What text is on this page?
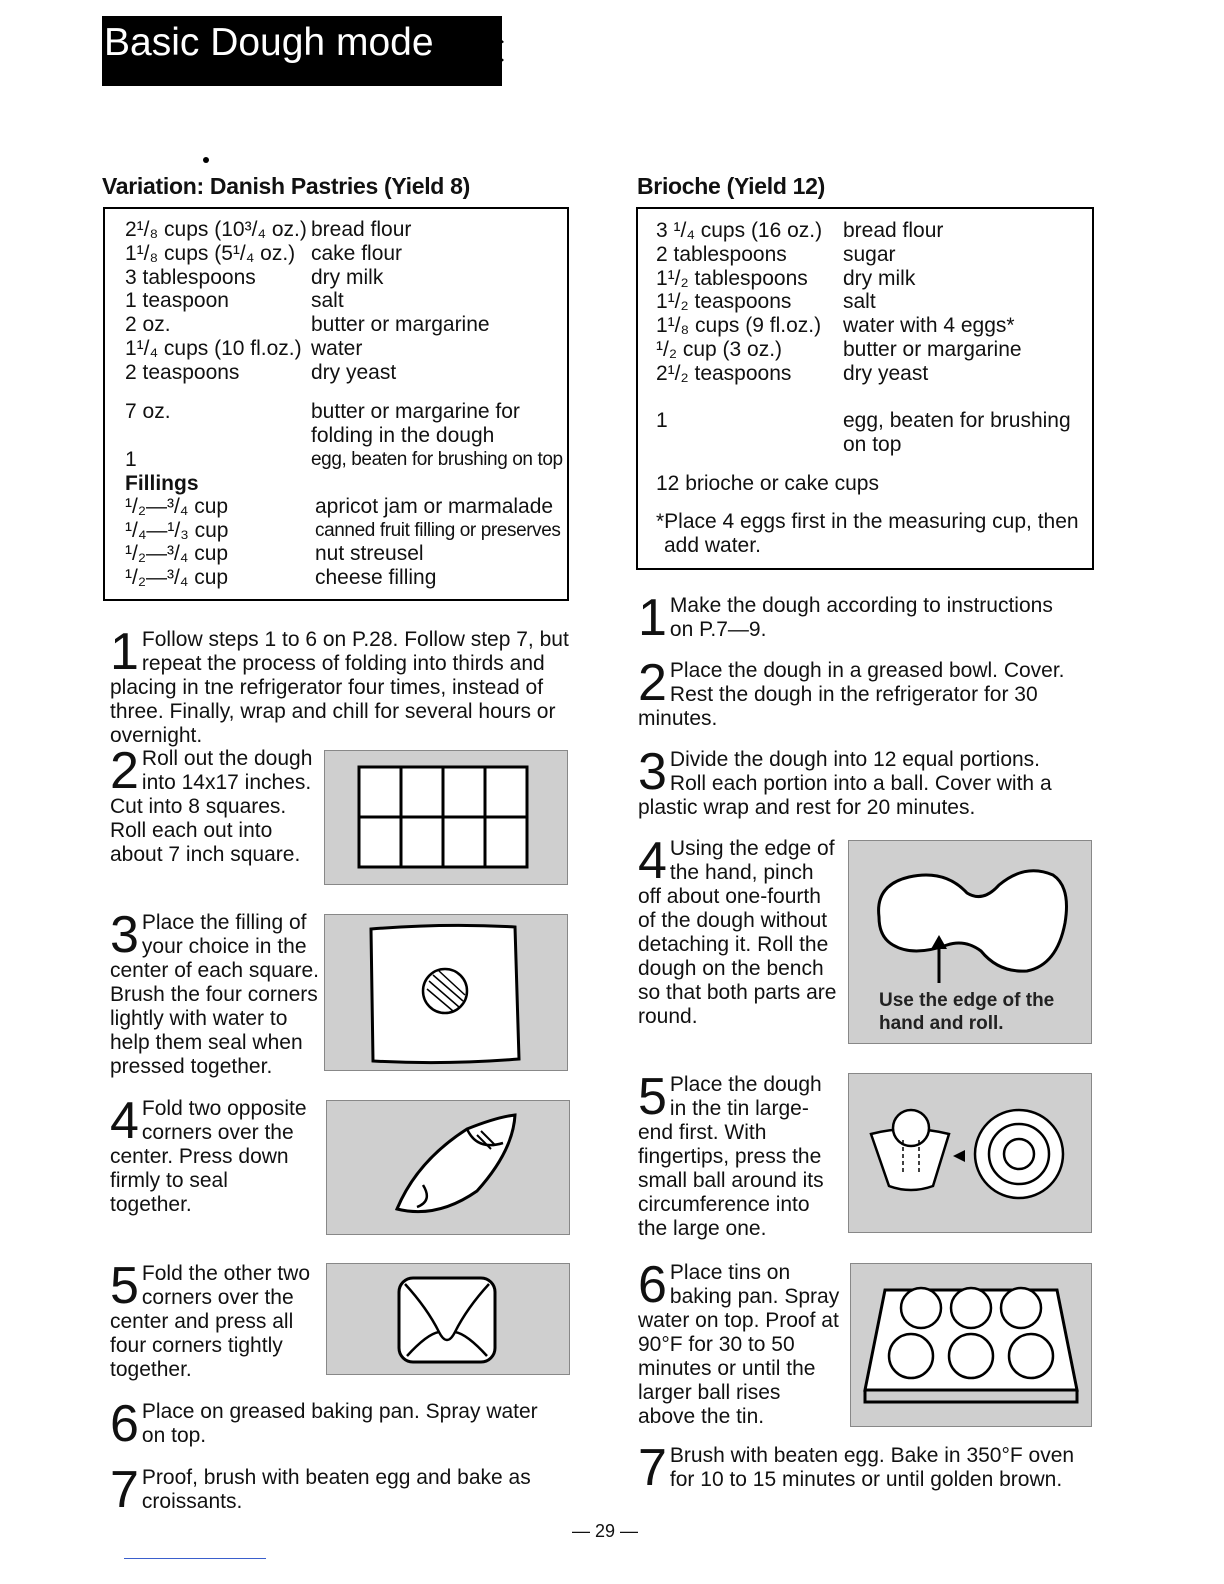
Basic Dough mode
Variation: Danish Pastries (Yield 8)
2¹/₈ cups (10³/₄ oz.) bread flour
1¹/₈ cups (5¹/₄ oz.) cake flour
3 tablespoons	dry milk
1 teaspoon	salt
2 oz.	butter or margarine
1¹/₄ cups (10 fl.oz.) water
2 teaspoons	dry yeast
7 oz.	butter or margarine for
folding in the dough
1	egg, beaten for brushing on top
Fillings
¹/₂—³/₄ cup	apricot jam or marmalade
¹/₄—¹/₃ cup	canned fruit filling or preserves
¹/₂—³/₄ cup	nut streusel
¹/₂—³/₄ cup	cheese filling
1 Follow steps 1 to 6 on P.28. Follow step 7, but repeat the process of folding into thirds and placing in tne refrigerator four times, instead of three. Finally, wrap and chill for several hours or overnight.
2 Roll out the dough into 14x17 inches. Cut into 8 squares. Roll each out into about 7 inch square.
3 Place the filling of your choice in the center of each square. Brush the four corners lightly with water to help them seal when pressed together.
4 Fold two opposite corners over the center. Press down firmly to seal together.
5 Fold the other two corners over the center and press all four corners tightly together.
6 Place on greased baking pan. Spray water on top.
7 Proof, brush with beaten egg and bake as croissants.
Brioche (Yield 12)
3 ¹/₄ cups (16 oz.) bread flour
2 tablespoons	sugar
1¹/₂ tablespoons dry milk
1¹/₂ teaspoons salt
1¹/₈ cups (9 fl.oz.) water with 4 eggs*
¹/₂ cup (3 oz.)	butter or margarine
2¹/₂ teaspoons dry yeast
1	egg, beaten for brushing
on top
12 brioche or cake cups
*Place 4 eggs first in the measuring cup, then
add water.
1 Make the dough according to instructions on P.7—9.
2 Place the dough in a greased bowl. Cover. Rest the dough in the refrigerator for 30 minutes.
3 Divide the dough into 12 equal portions. Roll each portion into a ball. Cover with a plastic wrap and rest for 20 minutes.
4 Using the edge of the hand, pinch off about one-fourth of the dough without detaching it. Roll the dough on the bench so that both parts are round.
5 Place the dough in the tin large-end first. With fingertips, press the small ball around its circumference into the large one.
6 Place tins on baking pan. Spray water on top. Proof at 90°F for 30 to 50 minutes or until the larger ball rises above the tin.
7 Brush with beaten egg. Bake in 350°F oven for 10 to 15 minutes or until golden brown.
Use the edge of the
hand and roll.
— 29 —
